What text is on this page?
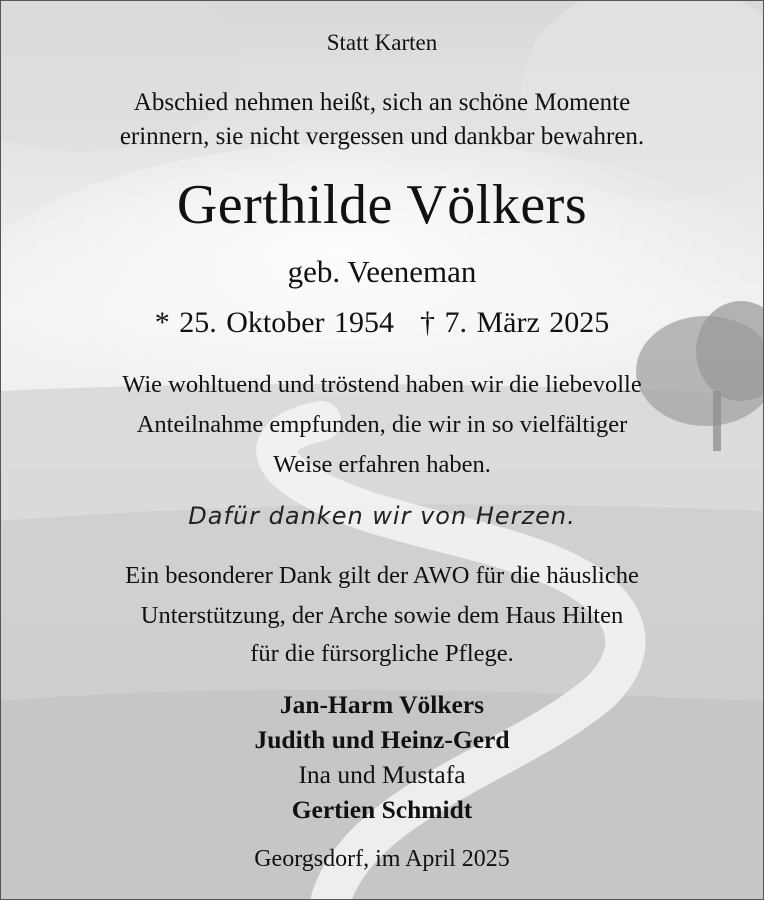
Statt Karten
Abschied nehmen heißt, sich an schöne Momente
erinnern, sie nicht vergessen und dankbar bewahren.
Gerthilde Völkers
geb. Veeneman
* 25. Oktober 1954 † 7. März 2025
Wie wohltuend und tröstend haben wir die liebevolle
Anteilnahme empfunden, die wir in so vielfältiger
Weise erfahren haben.
Dafür danken wir von Herzen.
Ein besonderer Dank gilt der AWO für die häusliche
Unterstützung, der Arche sowie dem Haus Hilten
für die fürsorgliche Pflege.
Jan-Harm Völkers
Judith und Heinz-Gerd
Ina und Mustafa
Gertien Schmidt
Georgsdorf, im April 2025
